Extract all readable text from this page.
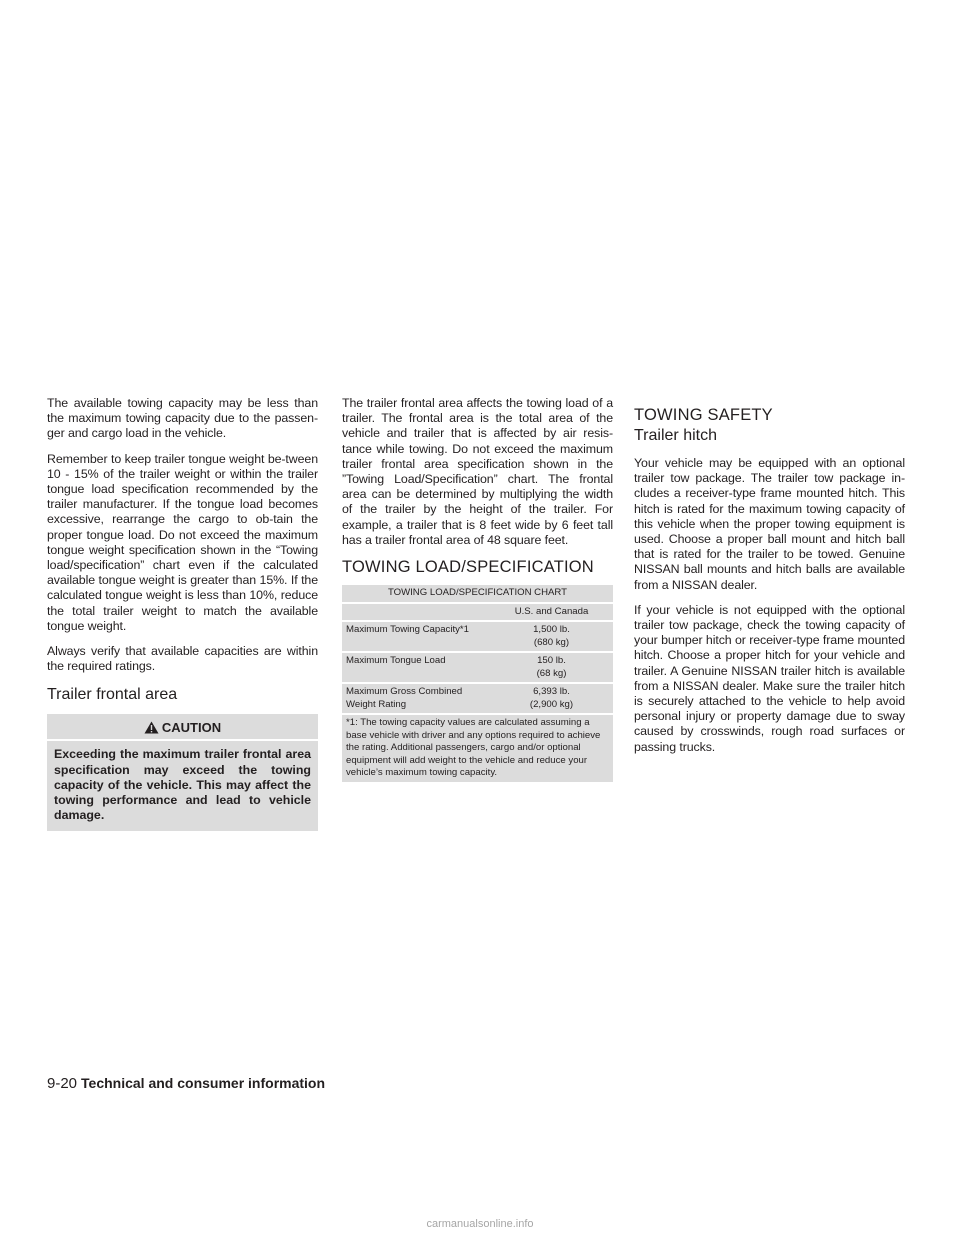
The available towing capacity may be less than the maximum towing capacity due to the passen-ger and cargo load in the vehicle.

Remember to keep trailer tongue weight be-tween 10 - 15% of the trailer weight or within the trailer tongue load specification recommended by the trailer manufacturer. If the tongue load becomes excessive, rearrange the cargo to ob-tain the proper tongue load. Do not exceed the maximum tongue weight specification shown in the “Towing load/specification” chart even if the calculated available tongue weight is greater than 15%. If the calculated tongue weight is less than 10%, reduce the total trailer weight to match the available tongue weight.

Always verify that available capacities are within the required ratings.

Trailer frontal area
CAUTION
Exceeding the maximum trailer frontal area specification may exceed the towing capacity of the vehicle. This may affect the towing performance and lead to vehicle damage.

The trailer frontal area affects the towing load of a trailer. The frontal area is the total area of the vehicle and trailer that is affected by air resis-tance while towing. Do not exceed the maximum trailer frontal area specification shown in the ”Towing Load/Specification” chart. The frontal area can be determined by multiplying the width of the trailer by the height of the trailer. For example, a trailer that is 8 feet wide by 6 feet tall has a trailer frontal area of 48 square feet.

TOWING LOAD/SPECIFICATION
TOWING LOAD/SPECIFICATION CHART	
	U.S. and Canada
Maximum Towing Capacity*1	1,500 lb.
(680 kg)

Maximum Tongue Load	150 lb.
(68 kg)

Maximum Gross Combined Weight Rating	6,393 lb.
(2,900 kg)

*1: The towing capacity values are calculated assuming a base vehicle with driver and any options required to achieve the rating. Additional passengers, cargo and/or optional equipment will add weight to the vehicle and reduce your vehicle’s maximum towing capacity.	
TOWING SAFETY
Trailer hitch

Your vehicle may be equipped with an optional trailer tow package. The trailer tow package in-cludes a receiver-type frame mounted hitch. This hitch is rated for the maximum towing capacity of this vehicle when the proper towing equipment is used. Choose a proper ball mount and hitch ball that is rated for the trailer to be towed. Genuine NISSAN ball mounts and hitch balls are available from a NISSAN dealer.

If your vehicle is not equipped with the optional trailer tow package, check the towing capacity of your bumper hitch or receiver-type frame mounted hitch. Choose a proper hitch for your vehicle and trailer. A Genuine NISSAN trailer hitch is available from a NISSAN dealer. Make sure the trailer hitch is securely attached to the vehicle to help avoid personal injury or property damage due to sway caused by crosswinds, rough road surfaces or passing trucks.

9-20 Technical and consumer information
carmanualsonline.info
